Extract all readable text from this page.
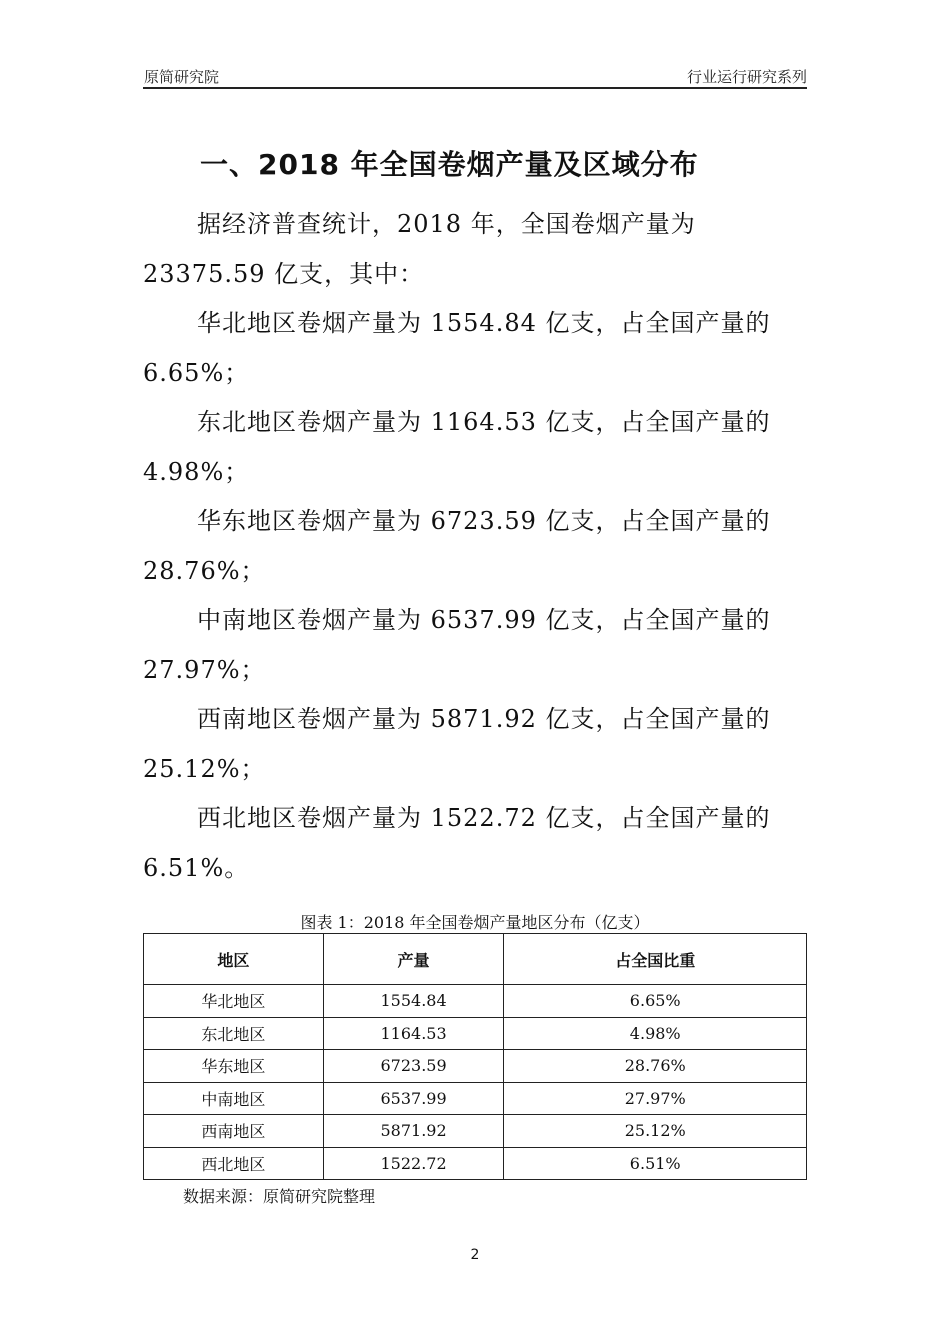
原简研究院	行业运行研究系列
一、2018 年全国卷烟产量及区域分布

据经济普查统计，2018 年，全国卷烟产量为 23375.59 亿支，其中：

华北地区卷烟产量为 1554.84 亿支，占全国产量的 6.65%；

东北地区卷烟产量为 1164.53 亿支，占全国产量的 4.98%；

华东地区卷烟产量为 6723.59 亿支，占全国产量的 28.76%；

中南地区卷烟产量为 6537.99 亿支，占全国产量的 27.97%；

西南地区卷烟产量为 5871.92 亿支，占全国产量的 25.12%；

西北地区卷烟产量为 1522.72 亿支，占全国产量的 6.51%。

图表 1：2018 年全国卷烟产量地区分布（亿支）
地区	产量	占全国比重
华北地区	1554.84	6.65%
东北地区	1164.53	4.98%
华东地区	6723.59	28.76%
中南地区	6537.99	27.97%
西南地区	5871.92	25.12%
西北地区	1522.72	6.51%
数据来源：原简研究院整理
2
